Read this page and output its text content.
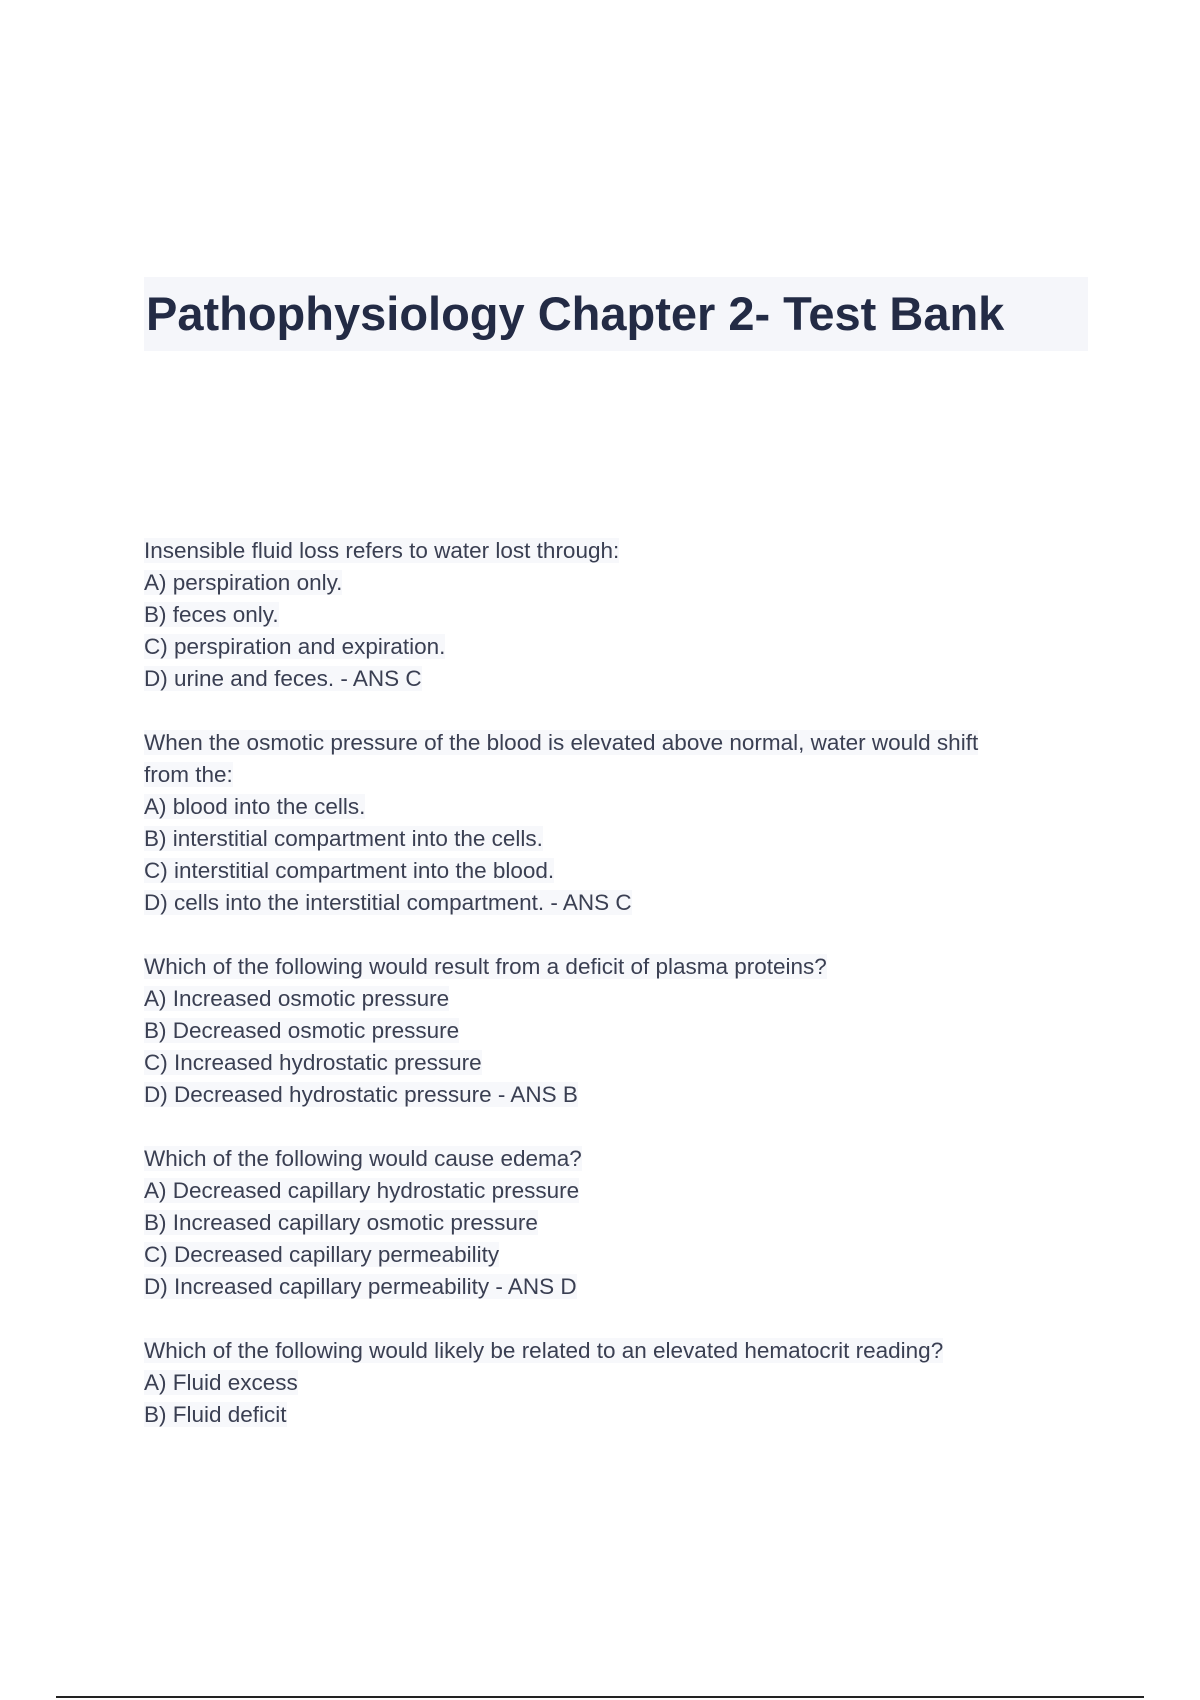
Pathophysiology Chapter 2- Test Bank
Insensible fluid loss refers to water lost through:
A) perspiration only.
B) feces only.
C) perspiration and expiration.
D) urine and feces. - ANS C
When the osmotic pressure of the blood is elevated above normal, water would shift
from the:
A) blood into the cells.
B) interstitial compartment into the cells.
C) interstitial compartment into the blood.
D) cells into the interstitial compartment. - ANS C
Which of the following would result from a deficit of plasma proteins?
A) Increased osmotic pressure
B) Decreased osmotic pressure
C) Increased hydrostatic pressure
D) Decreased hydrostatic pressure - ANS B
Which of the following would cause edema?
A) Decreased capillary hydrostatic pressure
B) Increased capillary osmotic pressure
C) Decreased capillary permeability
D) Increased capillary permeability - ANS D
Which of the following would likely be related to an elevated hematocrit reading?
A) Fluid excess
B) Fluid deficit
